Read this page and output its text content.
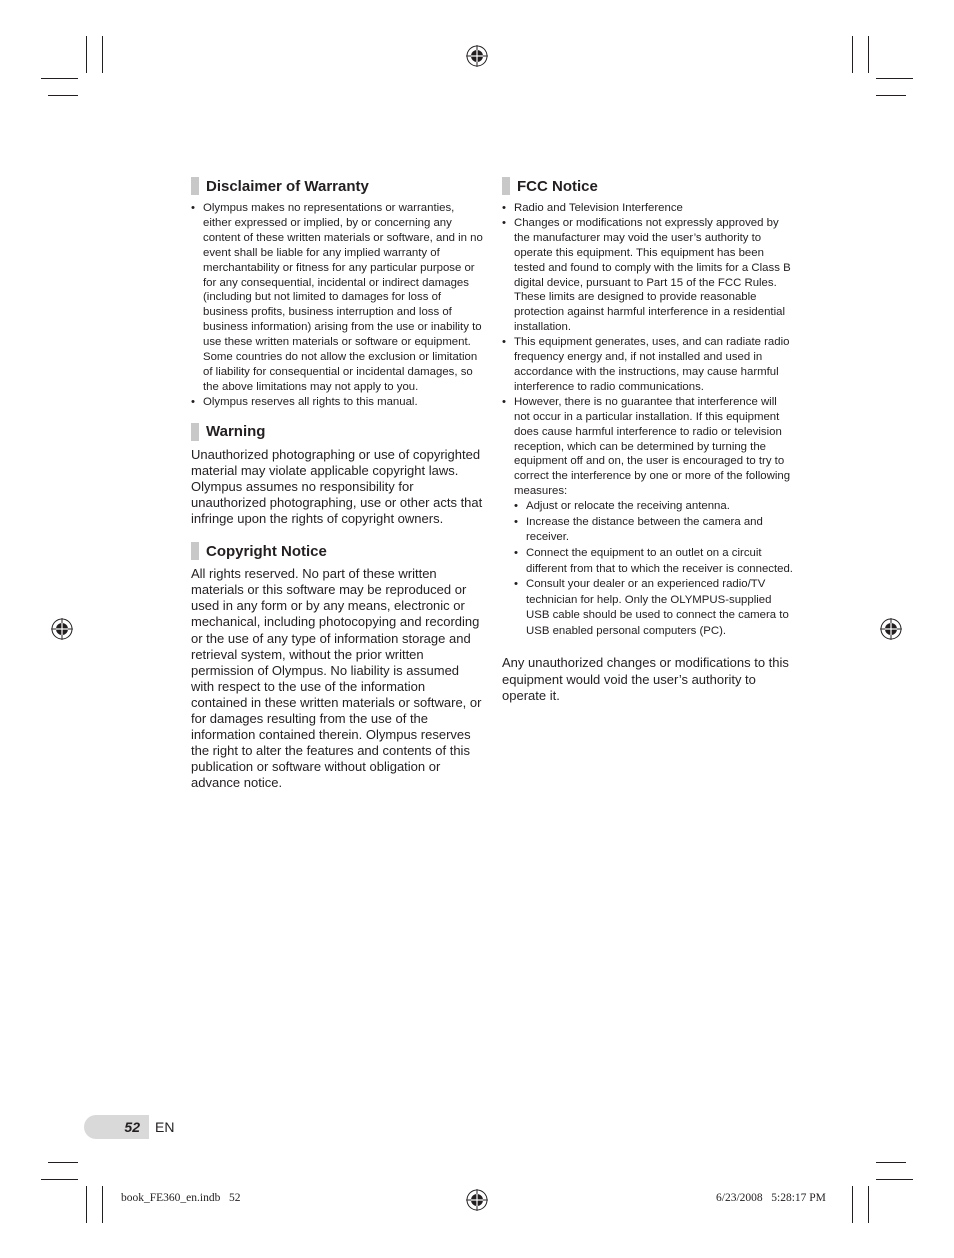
Disclaimer of Warranty
• Olympus makes no representations or warranties, either expressed or implied, by or concerning any content of these written materials or software, and in no event shall be liable for any implied warranty of merchantability or fitness for any particular purpose or for any consequential, incidental or indirect damages (including but not limited to damages for loss of business profits, business interruption and loss of business information) arising from the use or inability to use these written materials or software or equipment. Some countries do not allow the exclusion or limitation of liability for consequential or incidental damages, so the above limitations may not apply to you.
• Olympus reserves all rights to this manual.
Warning

Unauthorized photographing or use of copyrighted material may violate applicable copyright laws. Olympus assumes no responsibility for unauthorized photographing, use or other acts that infringe upon the rights of copyright owners.

Copyright Notice

All rights reserved. No part of these written materials or this software may be reproduced or used in any form or by any means, electronic or mechanical, including photocopying and recording or the use of any type of information storage and retrieval system, without the prior written permission of Olympus. No liability is assumed with respect to the use of the information contained in these written materials or software, or for damages resulting from the use of the information contained therein. Olympus reserves the right to alter the features and contents of this publication or software without obligation or advance notice.

FCC Notice
• Radio and Television Interference
• Changes or modifications not expressly approved by the manufacturer may void the user’s authority to operate this equipment. This equipment has been tested and found to comply with the limits for a Class B digital device, pursuant to Part 15 of the FCC Rules. These limits are designed to provide reasonable protection against harmful interference in a residential installation.
• This equipment generates, uses, and can radiate radio frequency energy and, if not installed and used in accordance with the instructions, may cause harmful interference to radio communications.
• However, there is no guarantee that interference will not occur in a particular installation. If this equipment does cause harmful interference to radio or television reception, which can be determined by turning the equipment off and on, the user is encouraged to try to correct the interference by one or more of the following measures:
• Adjust or relocate the receiving antenna.
• Increase the distance between the camera and receiver.
• Connect the equipment to an outlet on a circuit different from that to which the receiver is connected.
• Consult your dealer or an experienced radio/TV technician for help. Only the OLYMPUS-supplied USB cable should be used to connect the camera to USB enabled personal computers (PC).

Any unauthorized changes or modifications to this equipment would void the user’s authority to operate it.

52 EN
book_FE360_en.indb   52	6/23/2008   5:28:17 PM
